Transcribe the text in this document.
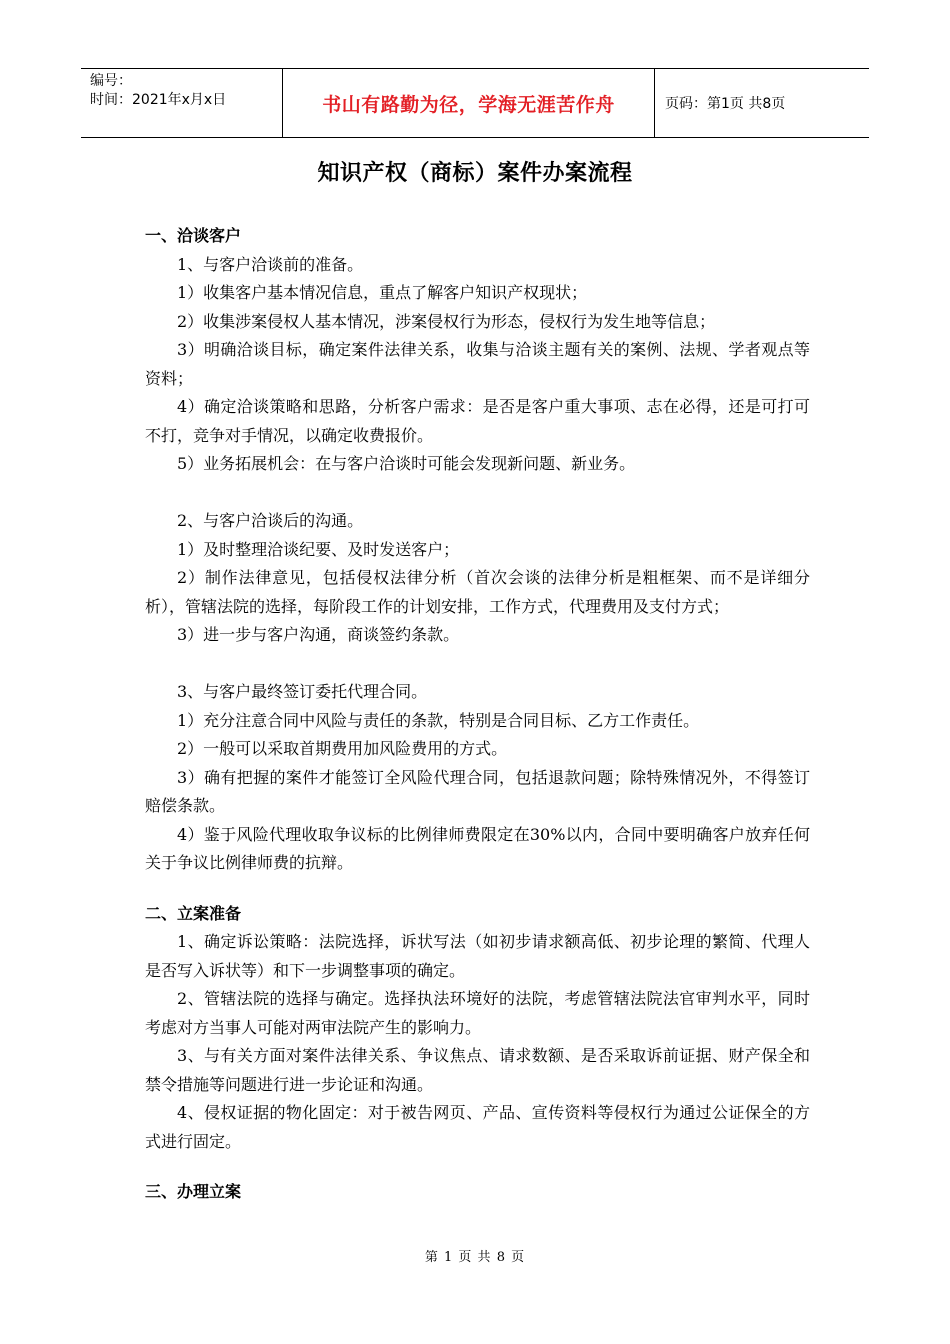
编号：
时间：2021年x月x日	书山有路勤为径，学海无涯苦作舟	页码：第1页 共8页
知识产权（商标）案件办案流程

一、洽谈客户

1、与客户洽谈前的准备。

1）收集客户基本情况信息，重点了解客户知识产权现状；

2）收集涉案侵权人基本情况，涉案侵权行为形态，侵权行为发生地等信息；

3）明确洽谈目标，确定案件法律关系，收集与洽谈主题有关的案例、法规、学者观点等资料；

4）确定洽谈策略和思路，分析客户需求：是否是客户重大事项、志在必得，还是可打可不打，竞争对手情况，以确定收费报价。

5）业务拓展机会：在与客户洽谈时可能会发现新问题、新业务。

2、与客户洽谈后的沟通。

1）及时整理洽谈纪要、及时发送客户；

2）制作法律意见，包括侵权法律分析（首次会谈的法律分析是粗框架、而不是详细分析），管辖法院的选择，每阶段工作的计划安排，工作方式，代理费用及支付方式；

3）进一步与客户沟通，商谈签约条款。

3、与客户最终签订委托代理合同。

1）充分注意合同中风险与责任的条款，特别是合同目标、乙方工作责任。

2）一般可以采取首期费用加风险费用的方式。

3）确有把握的案件才能签订全风险代理合同，包括退款问题；除特殊情况外，不得签订赔偿条款。

4）鉴于风险代理收取争议标的比例律师费限定在30%以内，合同中要明确客户放弃任何关于争议比例律师费的抗辩。

二、立案准备

1、确定诉讼策略：法院选择，诉状写法（如初步请求额高低、初步论理的繁简、代理人是否写入诉状等）和下一步调整事项的确定。

2、管辖法院的选择与确定。选择执法环境好的法院，考虑管辖法院法官审判水平，同时考虑对方当事人可能对两审法院产生的影响力。

3、与有关方面对案件法律关系、争议焦点、请求数额、是否采取诉前证据、财产保全和禁令措施等问题进行进一步论证和沟通。

4、侵权证据的物化固定：对于被告网页、产品、宣传资料等侵权行为通过公证保全的方式进行固定。

三、办理立案

第 1 页 共 8 页
